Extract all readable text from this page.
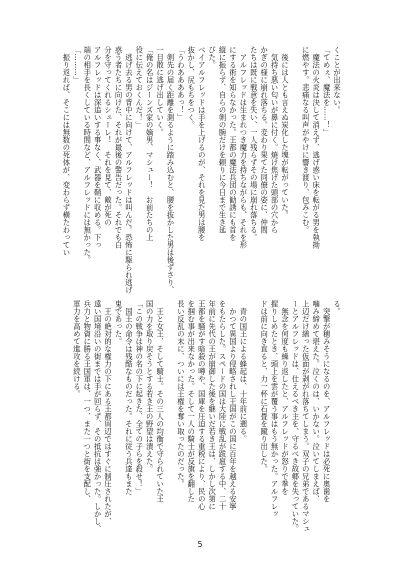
くことが出来ない。
「てめぇ、魔法を……！」
　魔法の火炎は決して消えず、逃げ惑い床を転がる男を執拗
に燃やす。悲痛なる叫声がやけに響き渡り、包みこむ。

　後には人とも言えぬ炭化した塊が転がっていた。
　気持ち悪い匂いが鼻に付く。焼け焦げた頭部の穴から
かぎの様に崩れ落ちる。変わり果てた同僚の姿に、仲間
たちは既に戦意を失い、一人残らずその場に崩れ落ちる。
　アルフレッドは生まれつき魔力を持ちながらも、それを形
にする術を知らなかった。王都の魔法兵団の勧誘にも首を
縦に振らず、自らの剣の腕だけを頼りに今日まで生き延
びた。
ベイアルフレッドは手を上げるのが、それを見た男は腰を
抜かし、尻もちをつく。
「うわああああっ！」
　剣先の届く距離を測るように踏み込むと、腰を抜かした男は後ずさり、
一目散に逃げ出していく。
「俺の名はジーンズ家の嫡男、マシュー！　お前たちの上
役に伝えておくんだ！」
　逃げ去る男の背中に向けて、アルフレッドは叫んだ。恐怖に駆られ逃げ
惑う者たちに向けた、それが最後の警告だった。それでも白
分を守ってくれるシューレ！　それを見て、敵が死の
アルフレッドは深追いする事なく、武器を鞘に収める。下っ
端の相手を長くしている時間など、アルフレッドには無かった。
「………」
　振り返れば、そこには無数の死体が、変わらず横たわってい
る。
　突撃が穂みそうになるのを、アルフレッドは必死に奥歯を
噛み締めて堪えた。泣くのは、いかない。泣いてしまえば、
上辺だけ繕った仮面が剥がれ落ちてしまう。双子の兄弟であるマシュ
ーとアルフレッドは、仕えるべき主を、守るべき故郷を失っていた。
　無念を何度も繰り返したと、アルフレッドが怒りで拳を
握りしめたとき、頭上を雲が覆う事はもう無かった。アルフレッ
ドは前に向き直ると、力一杯に石畳を蹴り出した。

　青の国王による蜂起は、十年前に遡る。
　かつて異国より侵略されし王国がこの国に百年を越える安寧
をもたらした。スペードの国は大陸に戦乱が跋扈する中、二十
年前に先代の王が崩御した後を継いだ若き王は、しかし次第に
王都を騒がす暗殺の噂や、国庫を圧迫する重税により、民の心
を掴む事が出来なかった。そして一人の騎士が反旗を翻した
長い反乱の末に、ついには王権を奪い取ったのだった。

　王と女王、そして騎士。その三人の均衡で守られていた王
国の力を取り戻そうとする若き王の野望は潰えた。
「この戦争は神の名の下に起きた、全ての子らを殺せ！」
　国王の命令は残酷なものだった。それに従う兵達もまた
鬼であった。
　王の絶対的な権力の下にある王都周辺ではすぐに制圧されたが、
遠い国境沿いの街までは手が回らず、その抵抗は強かった。しかし、
兵力と物資に勝る王国軍は、一つ、また一つと街を支配し、
軍力を高めて進攻を続ける。
5
